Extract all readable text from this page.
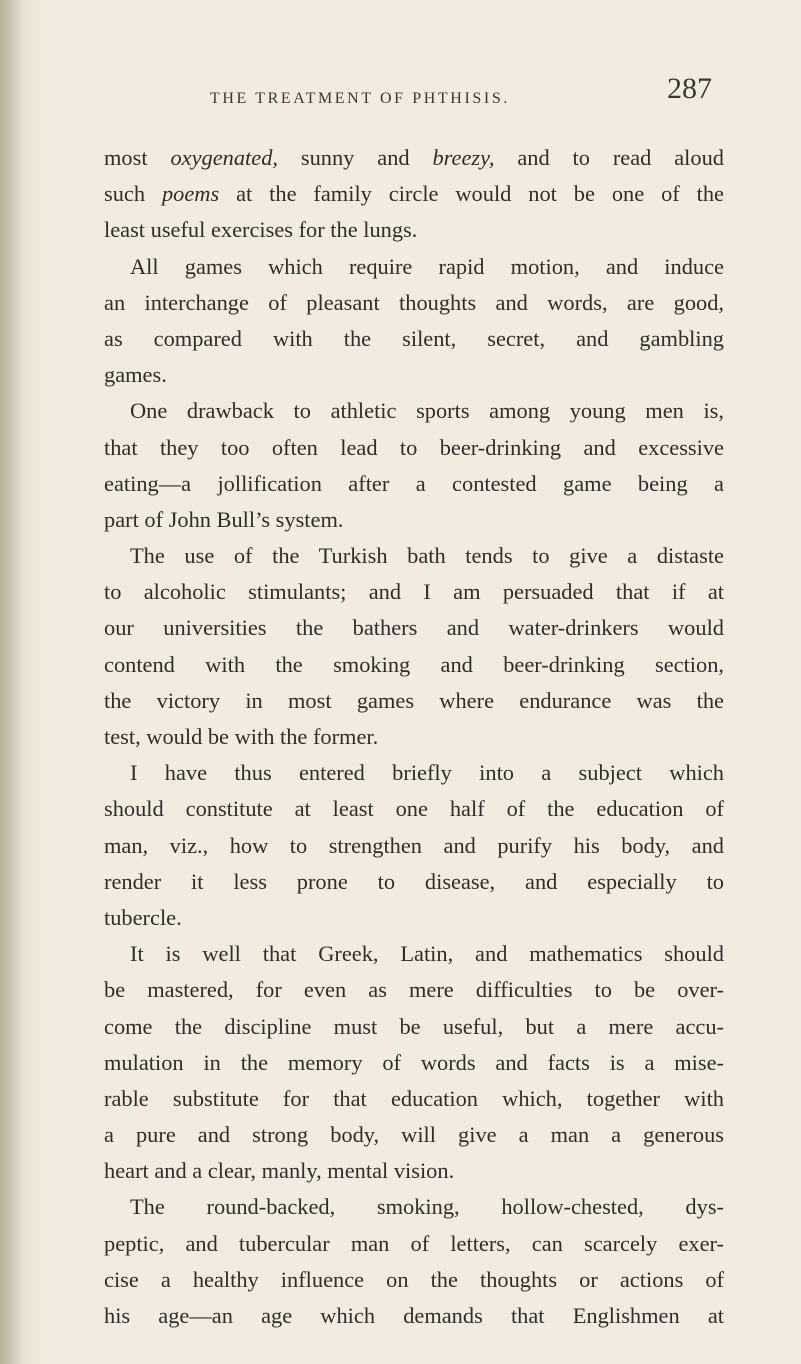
THE TREATMENT OF PHTHISIS.	287
most oxygenated, sunny and breezy, and to read aloud
such poems at the family circle would not be one of the
least useful exercises for the lungs.
All games which require rapid motion, and induce
an interchange of pleasant thoughts and words, are good,
as compared with the silent, secret, and gambling
games.
One drawback to athletic sports among young men is,
that they too often lead to beer-drinking and excessive
eating—a jollification after a contested game being a
part of John Bull’s system.
The use of the Turkish bath tends to give a distaste
to alcoholic stimulants; and I am persuaded that if at
our universities the bathers and water-drinkers would
contend with the smoking and beer-drinking section,
the victory in most games where endurance was the
test, would be with the former.
I have thus entered briefly into a subject which
should constitute at least one half of the education of
man, viz., how to strengthen and purify his body, and
render it less prone to disease, and especially to
tubercle.
It is well that Greek, Latin, and mathematics should
be mastered, for even as mere difficulties to be over-
come the discipline must be useful, but a mere accu-
mulation in the memory of words and facts is a mise-
rable substitute for that education which, together with
a pure and strong body, will give a man a generous
heart and a clear, manly, mental vision.
The round-backed, smoking, hollow-chested, dys-
peptic, and tubercular man of letters, can scarcely exer-
cise a healthy influence on the thoughts or actions of
his age—an age which demands that Englishmen at
